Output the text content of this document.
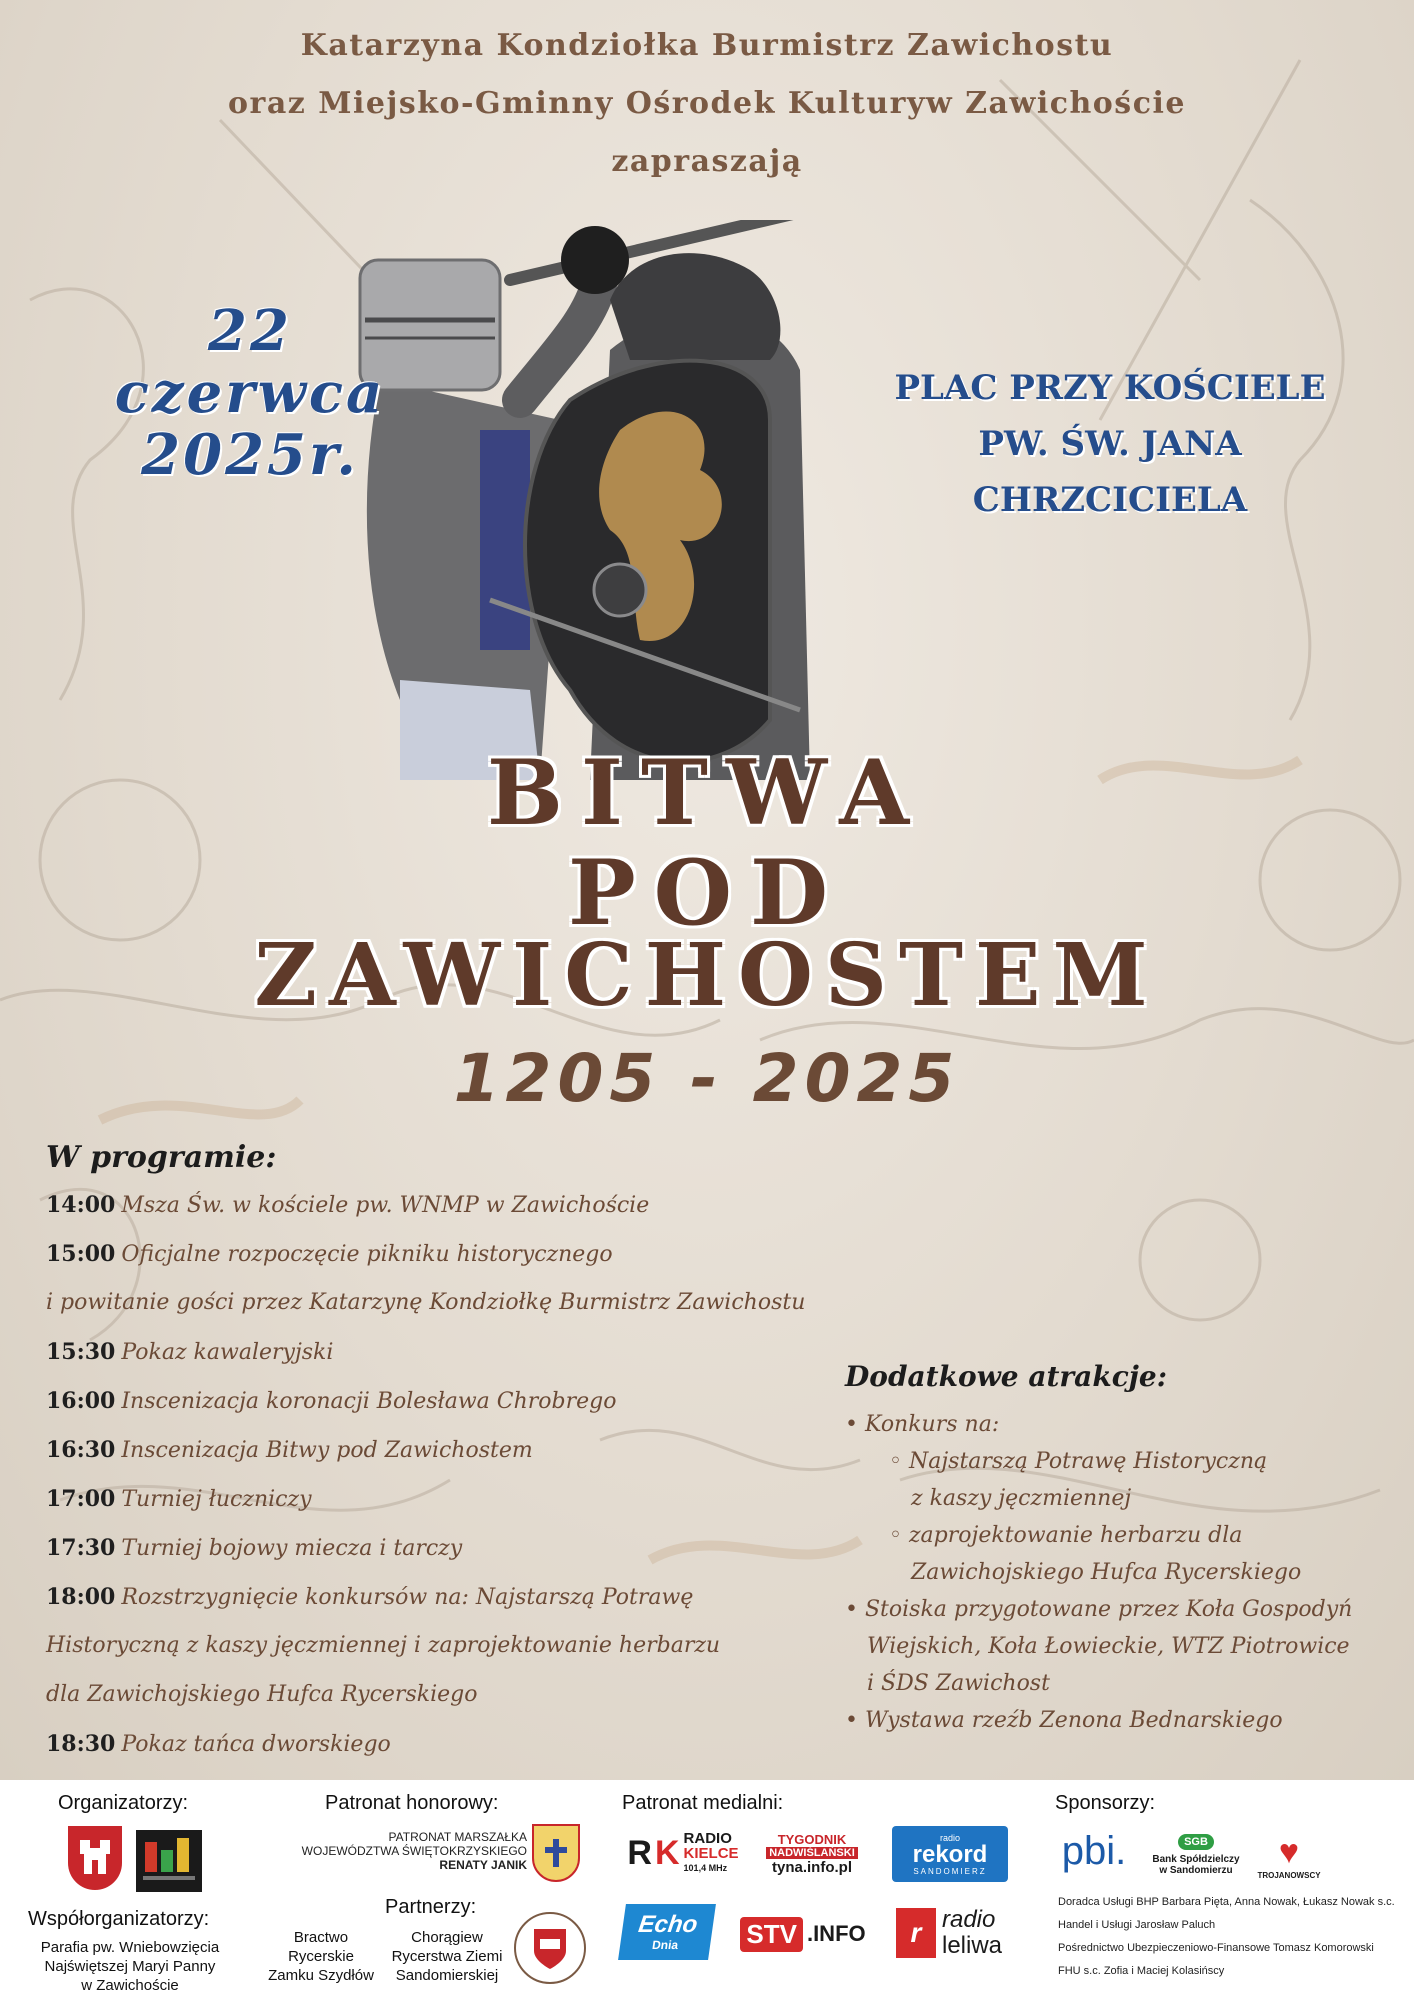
Katarzyna Kondziołka Burmistrz Zawichostu
oraz Miejsko-Gminny Ośrodek Kulturyw Zawichoście
zapraszają
22
czerwca
2025r.
PLAC PRZY KOŚCIELE
PW. ŚW. JANA
CHRZCICIELA
BITWA
POD
ZAWICHOSTEM
1205 - 2025
W programie:
14:00 Msza Św. w kościele pw. WNMP w Zawichoście
15:00 Oficjalne rozpoczęcie pikniku historycznego
i powitanie gości przez Katarzynę Kondziołkę Burmistrz Zawichostu
15:30 Pokaz kawaleryjski
16:00 Inscenizacja koronacji Bolesława Chrobrego
16:30 Inscenizacja Bitwy pod Zawichostem
17:00 Turniej łuczniczy
17:30 Turniej bojowy miecza i tarczy
18:00 Rozstrzygnięcie konkursów na: Najstarszą Potrawę
Historyczną z kaszy jęczmiennej i zaprojektowanie herbarzu
dla Zawichojskiego Hufca Rycerskiego
18:30 Pokaz tańca dworskiego
Dodatkowe atrakcje:
• Konkurs na:
◦ Najstarszą Potrawę Historyczną
z kaszy jęczmiennej
◦ zaprojektowanie herbarzu dla
Zawichojskiego Hufca Rycerskiego
• Stoiska przygotowane przez Koła Gospodyń
Wiejskich, Koła Łowieckie, WTZ Piotrowice
i ŚDS Zawichost
• Wystawa rzeźb Zenona Bednarskiego
Organizatorzy:	Patronat honorowy:
PATRONAT MARSZAŁKA
WOJEWÓDZTWA ŚWIĘTOKRZYSKIEGO
RENATY JANIK
Patronat medialni:
R K RADIO
KIELCE
101,4 MHz
TYGODNIK
NADWIŚLAŃSKI
tyna.info.pl
radio
rekord
SANDOMIERZ
Echo
Dnia	STV .INFO	r radio
leliwa
Sponsorzy:
pbi.	SGB
Bank Spółdzielczy
w Sandomierzu ♥
TROJANOWSCY
Doradca Usługi BHP Barbara Pięta, Anna Nowak, Łukasz Nowak s.c.
Handel i Usługi Jarosław Paluch
Pośrednictwo Ubezpieczeniowo-Finansowe Tomasz Komorowski
FHU s.c. Zofia i Maciej Kolasińscy
Współorganizatorzy:
Parafia pw. Wniebowzięcia
Najświętszej Maryi Panny
w Zawichoście
Partnerzy:
Bractwo
Rycerskie
Zamku Szydłów
Chorągiew
Rycerstwa Ziemi
Sandomierskiej
